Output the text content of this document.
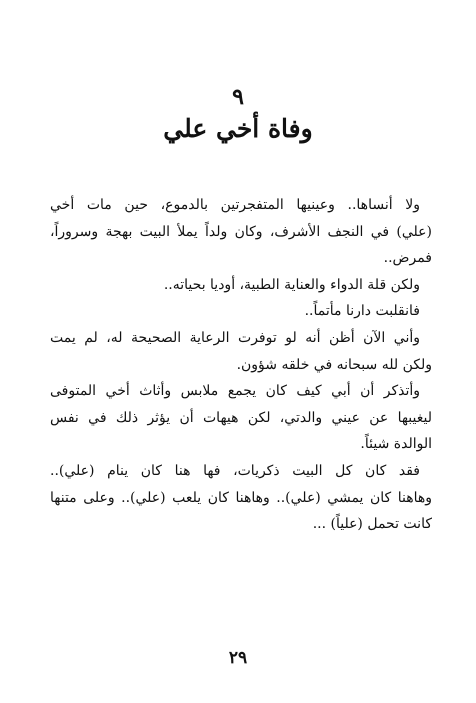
٩
وفاة أخي علي
ولا أنساها.. وعينيها المتفجرتين بالدموع، حين مات أخي
(علي) في النجف الأشرف، وكان ولداً يملأ البيت بهجة وسروراً،
فمرض..
ولكن قلة الدواء والعناية الطبية، أوديا بحياته..
فانقلبت دارنا مأتماً..
وأني الآن أظن أنه لو توفرت الرعاية الصحيحة له، لم يمت
ولكن لله سبحانه في خلقه شؤون.
وأتذكر أن أبي كيف كان يجمع ملابس وأثاث أخي المتوفى
ليغيبها عن عيني والدتي، لكن هيهات أن يؤثر ذلك في نفس
الوالدة شيئاً.
فقد كان كل البيت ذكريات، فها هنا كان ينام (علي)..
وهاهنا كان يمشي (علي).. وهاهنا كان يلعب (علي).. وعلى متنها
كانت تحمل (علياً) ...
٢٩
